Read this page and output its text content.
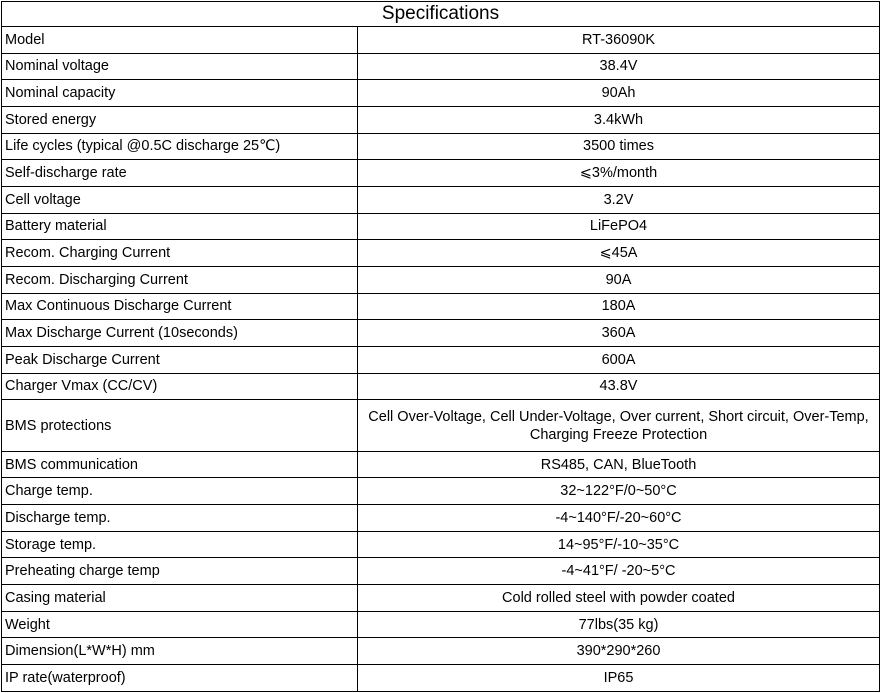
Specifications	
Model	RT-36090K
Nominal voltage	38.4V
Nominal capacity	90Ah
Stored energy	3.4kWh
Life cycles (typical @0.5C discharge 25℃)	3500 times
Self-discharge rate	⩽3%/month
Cell voltage	3.2V
Battery material	LiFePO4
Recom. Charging Current	⩽45A
Recom. Discharging Current	90A
Max Continuous Discharge Current	180A
Max Discharge Current (10seconds)	360A
Peak Discharge Current	600A
Charger Vmax (CC/CV)	43.8V
BMS protections	Cell Over-Voltage, Cell Under-Voltage, Over current, Short circuit, Over-Temp, Charging Freeze Protection
BMS communication	RS485, CAN, BlueTooth
Charge temp.	32~122°F/0~50°C
Discharge temp.	-4~140°F/-20~60°C
Storage temp.	14~95°F/-10~35°C
Preheating charge temp	-4~41°F/ -20~5°C
Casing material	Cold rolled steel with powder coated
Weight	77lbs(35 kg)
Dimension(L*W*H) mm	390*290*260
IP rate(waterproof)	IP65
